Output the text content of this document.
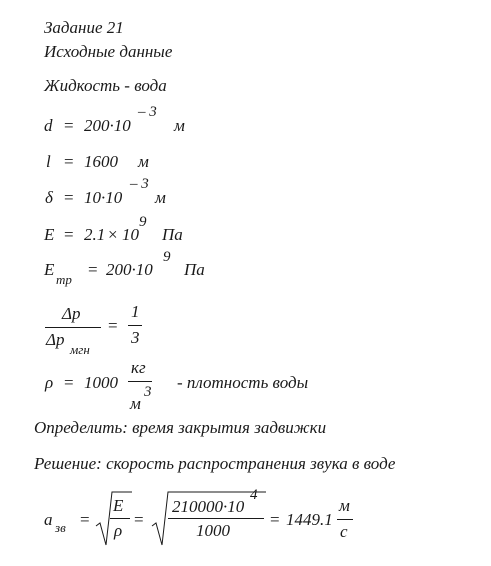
Задание 21
Исходные данные
Жидкость - вода
d = 200·10
– 3
м
l = 1600 м
δ = 10·10
– 3
м
E = 2.1 × 10
9
Па
E
тр
= 200·10
9
Па
Δp
Δp
мгн
=
1
3
ρ = 1000
кг
м
3 - плотность воды
Определить: время закрытия задвижки
Решение: скорость распространения звука в воде
a зв =
E
ρ
=
210000·10
4
1000
= 1449.1
м
с
